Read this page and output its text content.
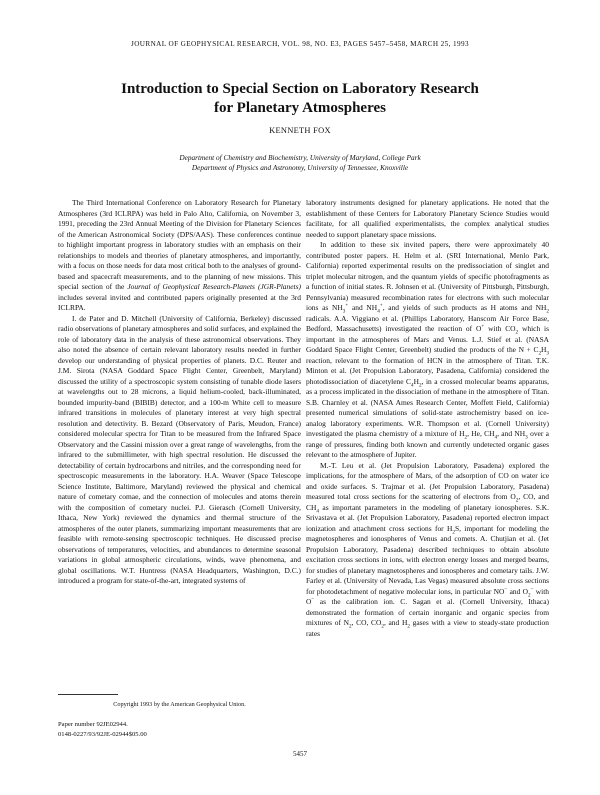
JOURNAL OF GEOPHYSICAL RESEARCH, VOL. 98, NO. E3, PAGES 5457–5458, MARCH 25, 1993
Introduction to Special Section on Laboratory Research
for Planetary Atmospheres
KENNETH FOX
Department of Chemistry and Biochemistry, University of Maryland, College Park
Department of Physics and Astronomy, University of Tennessee, Knoxville

The Third International Conference on Laboratory Research for Planetary Atmospheres (3rd ICLRPA) was held in Palo Alto, California, on November 3, 1991, preceding the 23rd Annual Meeting of the Division for Planetary Sciences of the American Astronomical Society (DPS/AAS). These conferences continue to highlight important progress in laboratory studies with an emphasis on their relationships to models and theories of planetary atmospheres, and importantly, with a focus on those needs for data most critical both to the analyses of ground-based and spacecraft measurements, and to the planning of new missions. This special section of the Journal of Geophysical Research-Planets (JGR-Planets) includes several invited and contributed papers originally presented at the 3rd ICLRPA.

I. de Pater and D. Mitchell (University of California, Berkeley) discussed radio observations of planetary atmospheres and solid surfaces, and explained the role of laboratory data in the analysis of these astronomical observations. They also noted the absence of certain relevant laboratory results needed in further develop our understanding of physical properties of planets. D.C. Reuter and J.M. Sirota (NASA Goddard Space Flight Center, Greenbelt, Maryland) discussed the utility of a spectroscopic system consisting of tunable diode lasers at wavelengths out to 28 microns, a liquid helium-cooled, back-illuminated, bounded impurity-band (BIBIB) detector, and a 100-m White cell to measure infrared transitions in molecules of planetary interest at very high spectral resolution and detectivity. B. Bezard (Observatory of Paris, Meudon, France) considered molecular spectra for Titan to be measured from the Infrared Space Observatory and the Cassini mission over a great range of wavelengths, from the infrared to the submillimeter, with high spectral resolution. He discussed the detectability of certain hydrocarbons and nitriles, and the corresponding need for spectroscopic measurements in the laboratory. H.A. Weaver (Space Telescope Science Institute, Baltimore, Maryland) reviewed the physical and chemical nature of cometary comae, and the connection of molecules and atoms therein with the composition of cometary nuclei. P.J. Gierasch (Cornell University, Ithaca, New York) reviewed the dynamics and thermal structure of the atmospheres of the outer planets, summarizing important measurements that are feasible with remote-sensing spectroscopic techniques. He discussed precise observations of temperatures, velocities, and abundances to determine seasonal variations in global atmospheric circulations, winds, wave phenomena, and global oscillations. W.T. Huntress (NASA Headquarters, Washington, D.C.) introduced a program for state-of-the-art, integrated systems of

laboratory instruments designed for planetary applications. He noted that the establishment of these Centers for Laboratory Planetary Science Studies would facilitate, for all qualified experimentalists, the complex analytical studies needed to support planetary space missions.

In addition to these six invited papers, there were approximately 40 contributed poster papers. H. Helm et al. (SRI International, Menlo Park, California) reported experimental results on the predissociation of singlet and triplet molecular nitrogen, and the quantum yields of specific photofragments as a function of initial states. R. Johnsen et al. (University of Pittsburgh, Pittsburgh, Pennsylvania) measured recombination rates for electrons with such molecular ions as $NH_3^+$ and $NH_4^+$, and yields of such products as H atoms and $NH_2$ radicals. A.A. Viggiano et al. (Phillips Laboratory, Hanscom Air Force Base, Bedford, Massachusetts) investigated the reaction of O+ with $CO_2$ which is important in the atmospheres of Mars and Venus. L.J. Stief et al. (NASA Goddard Space Flight Center, Greenbelt) studied the products of the $N + C_2H_3$ reaction, relevant to the formation of HCN in the atmosphere of Titan. T.K. Minton et al. (Jet Propulsion Laboratory, Pasadena, California) considered the photodissociation of diacetylene $C_4H_2$, in a crossed molecular beams apparatus, as a process implicated in the dissociation of methane in the atmosphere of Titan. S.B. Charnley et al. (NASA Ames Research Center, Moffett Field, California) presented numerical simulations of solid-state astrochemistry based on ice-analog laboratory experiments. W.R. Thompson et al. (Cornell University) investigated the plasma chemistry of a mixture of $H_2$, He, $CH_4$, and $NH_3$ over a range of pressures, finding both known and currently undetected organic gases relevant to the atmosphere of Jupiter.

M.-T. Leu et al. (Jet Propulsion Laboratory, Pasadena) explored the implications, for the atmosphere of Mars, of the adsorption of CO on water ice and oxide surfaces. S. Trajmar et al. (Jet Propulsion Laboratory, Pasadena) measured total cross sections for the scattering of electrons from $O_2$, CO, and $CH_4$ as important parameters in the modeling of planetary ionospheres. S.K. Srivastava et al. (Jet Propulsion Laboratory, Pasadena) reported electron impact ionization and attachment cross sections for $H_2S$, important for modeling the magnetospheres and ionospheres of Venus and comets. A. Chutjian et al. (Jet Propulsion Laboratory, Pasadena) described techniques to obtain absolute excitation cross sections in ions, with electron energy losses and merged beams, for studies of planetary magnetospheres and ionospheres and cometary tails. J.W. Farley et al. (University of Nevada, Las Vegas) measured absolute cross sections for photodetachment of negative molecular ions, in particular NO− and $O_2^-$ with O− as the calibration ion. C. Sagan et al. (Cornell University, Ithaca) demonstrated the formation of certain inorganic and organic species from mixtures of $N_2$, CO, $CO_2$, and $H_2$ gases with a view to steady-state production rates

Copyright 1993 by the American Geophysical Union.
Paper number 92JE02944.
0148-0227/93/92JE-02944$05.00
5457
